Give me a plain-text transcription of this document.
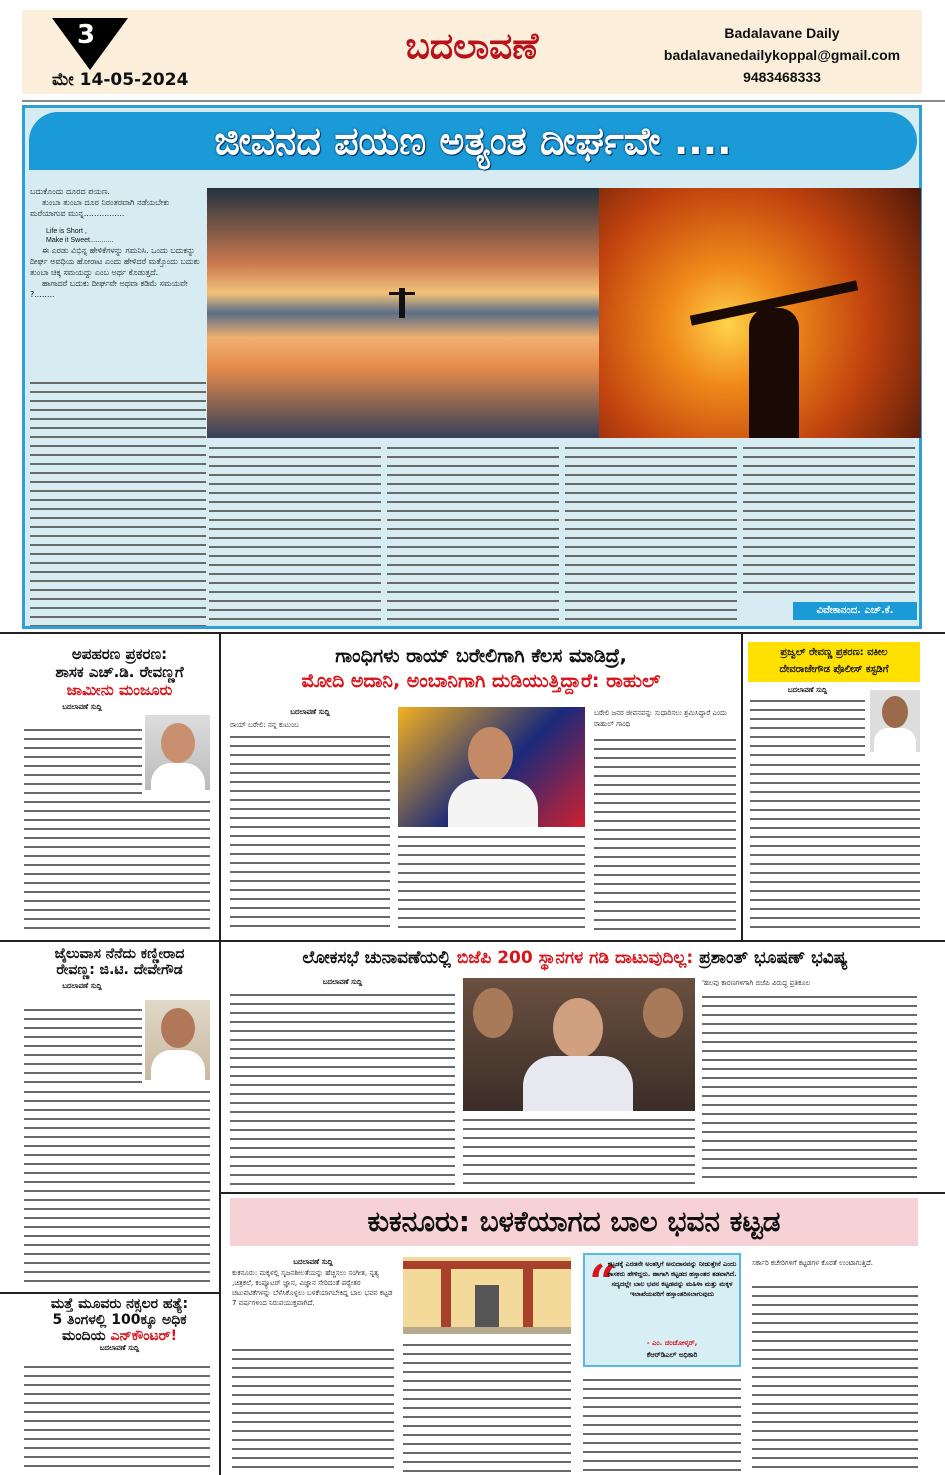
3
ಮೇ 14-05-2024
ಬದಲಾವಣೆ	Badalavane Daily
badalavanedailykoppal@gmail.com
9483468333
ಜೀವನದ ಪಯಣ ಅತ್ಯಂತ ದೀರ್ಘವೇ ....
ಬದುಕೊಂದು ದೂರದ ಪಯಣ.
ತುಂಬಾ ತುಂಬಾ ದೂರ ನಿರಂತರವಾಗಿ ನಡೆಯಬೇಕು ಮರೆಯಾಗುವ ಮುನ್ನ................
Life is Short ,
Make it Sweet............
ಈ ಎರಡು ವಿಭಿನ್ನ ಹೇಳಿಕೆಗಳನ್ನು ಗಮನಿಸಿ. ಒಂದು ಬದುಕನ್ನು ದೀರ್ಘ ಅವಧಿಯ ಹೋರಾಟ ಎಂದು ಹೇಳಿದರೆ ಮತ್ತೊಂದು ಬದುಕು ತುಂಬಾ ಚಿಕ್ಕ ಸಮಯದ್ದು ಎಂಬ ಅರ್ಥ ಕೊಡುತ್ತದೆ.
ಹಾಗಾದರೆ ಬದುಕು ದೀರ್ಘವೇ ಅಥವಾ ಕಡಿಮೆ ಸಮಯವೇ ?........
ವಿವೇಕಾನಂದ. ಎಚ್.ಕೆ.
ಅಪಹರಣ ಪ್ರಕರಣ:
ಶಾಸಕ ಎಚ್.ಡಿ. ರೇವಣ್ಣಗೆ
ಜಾಮೀನು ಮಂಜೂರು
ಬದಲಾವಣೆ ಸುದ್ದಿ
ಜೈಲುವಾಸ ನೆನೆದು ಕಣ್ಣೀರಾದ
ರೇವಣ್ಣ: ಜಿ.ಟಿ. ದೇವೇಗೌಡ
ಬದಲಾವಣೆ ಸುದ್ದಿ
ಮತ್ತೆ ಮೂವರು ನಕ್ಸಲರ ಹತ್ಯೆ:
5 ತಿಂಗಳಲ್ಲಿ 100ಕ್ಕೂ ಅಧಿಕ
ಮಂದಿಯ ಎನ್‌ಕೌಂಟರ್!
ಬದಲಾವಣೆ ಸುದ್ದಿ
ಗಾಂಧಿಗಳು ರಾಯ್ ಬರೇಲಿಗಾಗಿ ಕೆಲಸ ಮಾಡಿದ್ರೆ,
ಮೋದಿ ಅದಾನಿ, ಅಂಬಾನಿಗಾಗಿ ದುಡಿಯುತ್ತಿದ್ದಾರೆ: ರಾಹುಲ್
ಬದಲಾವಣೆ ಸುದ್ದಿ
ರಾಯ್ ಬರೇಲಿ: ನನ್ನ ಕುಟುಂಬ
ಬರೇಲಿ ಜನರ ಜೀವನವನ್ನು ಸುಧಾರಿಸಲು ಶ್ರಮಿಸಿದ್ದಾರೆ ಎಂದು ರಾಹುಲ್ ಗಾಂಧಿ
ಪ್ರಜ್ವಲ್ ರೇವಣ್ಣ ಪ್ರಕರಣ: ವಕೀಲ
ದೇವರಾಜೇಗೌಡ ಪೊಲೀಸ್ ಕಸ್ಟಡಿಗೆ
ಬದಲಾವಣೆ ಸುದ್ದಿ
ಲೋಕಸಭೆ ಚುನಾವಣೆಯಲ್ಲಿ ಬಿಜೆಪಿ 200 ಸ್ಥಾನಗಳ ಗಡಿ ದಾಟುವುದಿಲ್ಲ: ಪ್ರಶಾಂತ್ ಭೂಷಣ್ ಭವಿಷ್ಯ
ಬದಲಾವಣೆ ಸುದ್ದಿ	'ಹಲವು ಕಾರಣಗಳಿಗಾಗಿ ಬಿಜೆಪಿ ವಿರುದ್ಧ ಪ್ರತಿಕೂಲ
ಕುಕನೂರು: ಬಳಕೆಯಾಗದ ಬಾಲ ಭವನ ಕಟ್ಟಡ
ಬದಲಾವಣೆ ಸುದ್ದಿ
ಕುಕನೂರು: ಮಕ್ಕಳಲ್ಲಿ ಸೃಜನಶೀಲತೆಯನ್ನು ಹೆಚ್ಚಿಸಲು ಸಂಗೀತ, ನೃತ್ಯ ,ಚಿತ್ರಕಲೆ, ಕಂಪ್ಯೂಟರ್ ಜ್ಞಾನ, ವಿಜ್ಞಾನ ಸೇರಿದಂತೆ ಪಠ್ಯೇತರ ಚಟುವಟಿಕೆಗಳನ್ನು ಬೆಳೆಸಿಕೊಳ್ಳಲು ಬಳಕೆಯಾಗಬೇಕಿದ್ದ ಬಾಲ ಭವನ ಕಟ್ಟಡ 7 ವರ್ಷಗಳಿಂದ ನಿರುಪಯುಕ್ತವಾಗಿದೆ.	“
ಕಟ್ಟಡಕ್ಕೆ ಎರಡನೇ ಅಂತಸ್ತಿಗೆ ಅನುದಾನವನ್ನು ನೀಡುತ್ತೇನೆ ಎಂದು ಶಾಸಕರು ಹೇಳಿದ್ದರು. ಹಾಗಾಗಿ ಕಟ್ಟಡದ ಹಸ್ತಾಂತರ ತಡವಾಗಿದೆ. ಸದ್ಯದಲ್ಲೇ ಬಾಲ ಭವನ ಕಟ್ಟಡವನ್ನು ಮಹಿಳಾ ಮತ್ತು ಮಕ್ಕಳ ಇಲಾಖೆಯವರಿಗೆ ಹಸ್ತಾಂತರಿಸಲಾಗುವುದು
- ಎಂ. ಚಂಚೋಳ್ಕರ್,
ಕೆಆರ್‌ಡಿಎಲ್ ಅಧಿಕಾರಿ
ಸರ್ಕಾರಿ ಕಚೇರಿಗಳಿಗೆ ಕಟ್ಟಡಗಳ ಕೊರತೆ ಉಂಟಾಗುತ್ತಿದೆ.
